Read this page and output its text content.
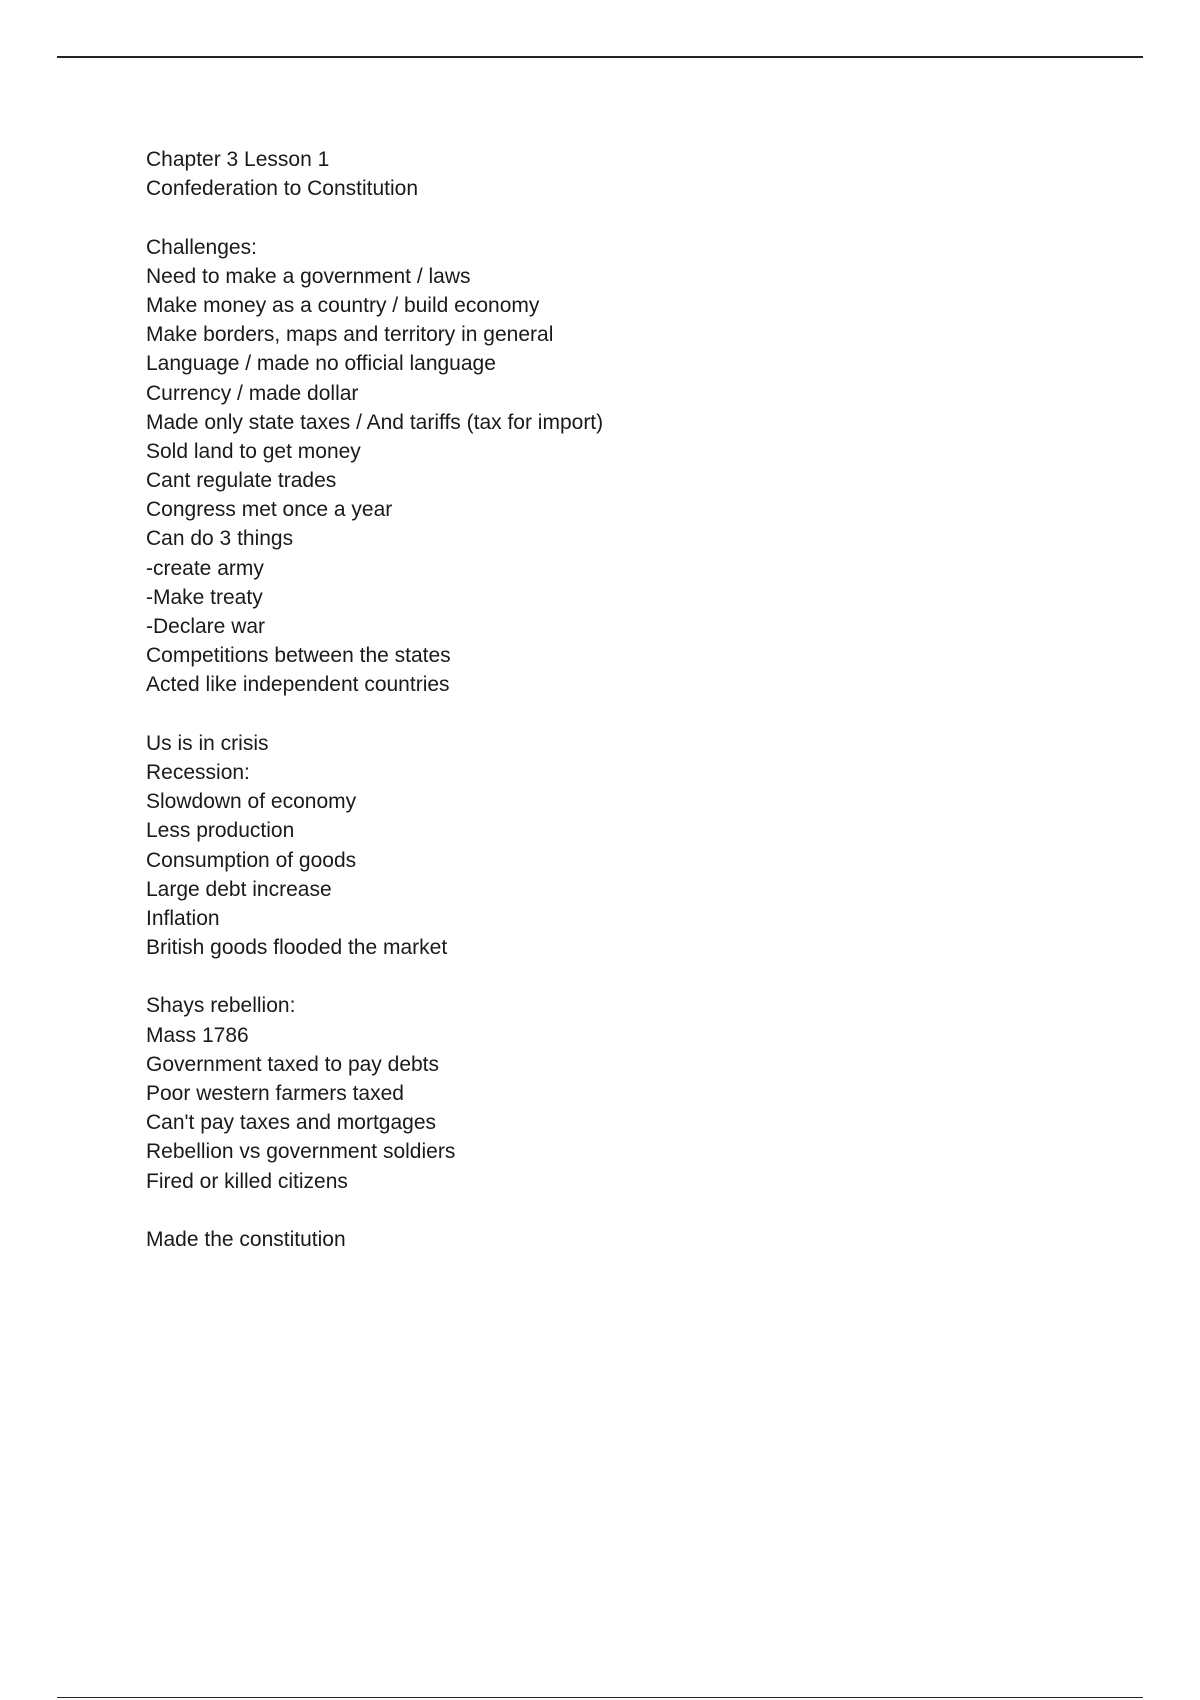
Chapter 3 Lesson 1
Confederation to Constitution
Challenges:
Need to make a government / laws
Make money as a country / build economy
Make borders, maps and territory in general
Language / made no official language
Currency / made dollar
Made only state taxes / And tariffs (tax for import)
Sold land to get money
Cant regulate trades
Congress met once a year
Can do 3 things
-create army
-Make treaty
-Declare war
Competitions between the states
Acted like independent countries
Us is in crisis
Recession:
Slowdown of economy
Less production
Consumption of goods
Large debt increase
Inflation
British goods flooded the market
Shays rebellion:
Mass 1786
Government taxed to pay debts
Poor western farmers taxed
Can't pay taxes and mortgages
Rebellion vs government soldiers
Fired or killed citizens
Made the constitution
